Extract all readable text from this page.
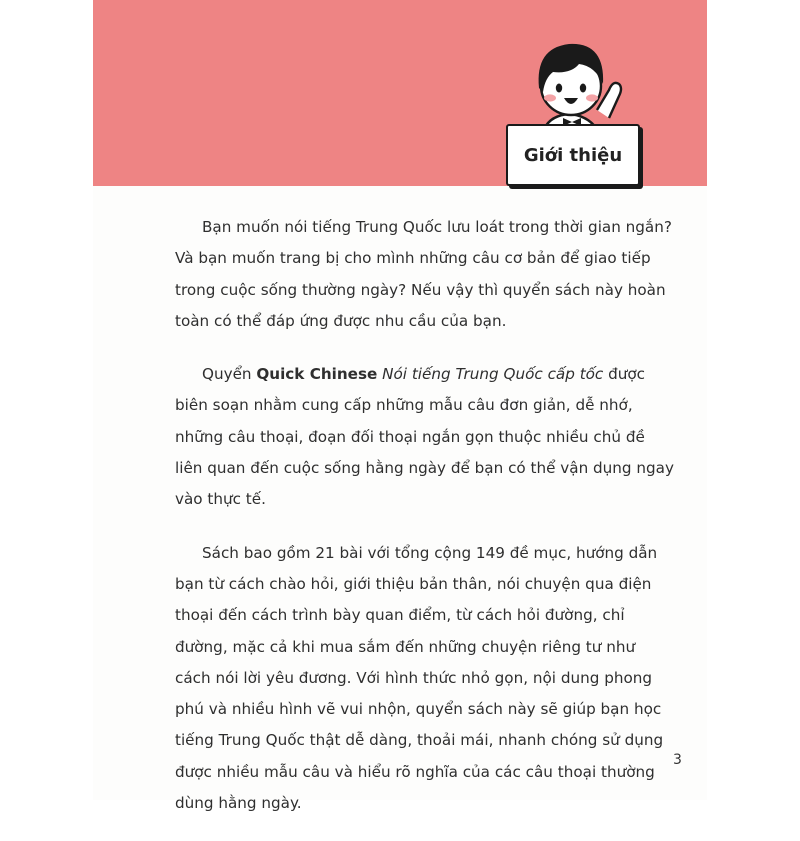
Giới thiệu

Bạn muốn nói tiếng Trung Quốc lưu loát trong thời gian ngắn? Và bạn muốn trang bị cho mình những câu cơ bản để giao tiếp trong cuộc sống thường ngày? Nếu vậy thì quyển sách này hoàn toàn có thể đáp ứng được nhu cầu của bạn.

Quyển Quick Chinese Nói tiếng Trung Quốc cấp tốc được biên soạn nhằm cung cấp những mẫu câu đơn giản, dễ nhớ, những câu thoại, đoạn đối thoại ngắn gọn thuộc nhiều chủ đề liên quan đến cuộc sống hằng ngày để bạn có thể vận dụng ngay vào thực tế.

Sách bao gồm 21 bài với tổng cộng 149 đề mục, hướng dẫn bạn từ cách chào hỏi, giới thiệu bản thân, nói chuyện qua điện thoại đến cách trình bày quan điểm, từ cách hỏi đường, chỉ đường, mặc cả khi mua sắm đến những chuyện riêng tư như cách nói lời yêu đương. Với hình thức nhỏ gọn, nội dung phong phú và nhiều hình vẽ vui nhộn, quyển sách này sẽ giúp bạn học tiếng Trung Quốc thật dễ dàng, thoải mái, nhanh chóng sử dụng được nhiều mẫu câu và hiểu rõ nghĩa của các câu thoại thường dùng hằng ngày.

3
